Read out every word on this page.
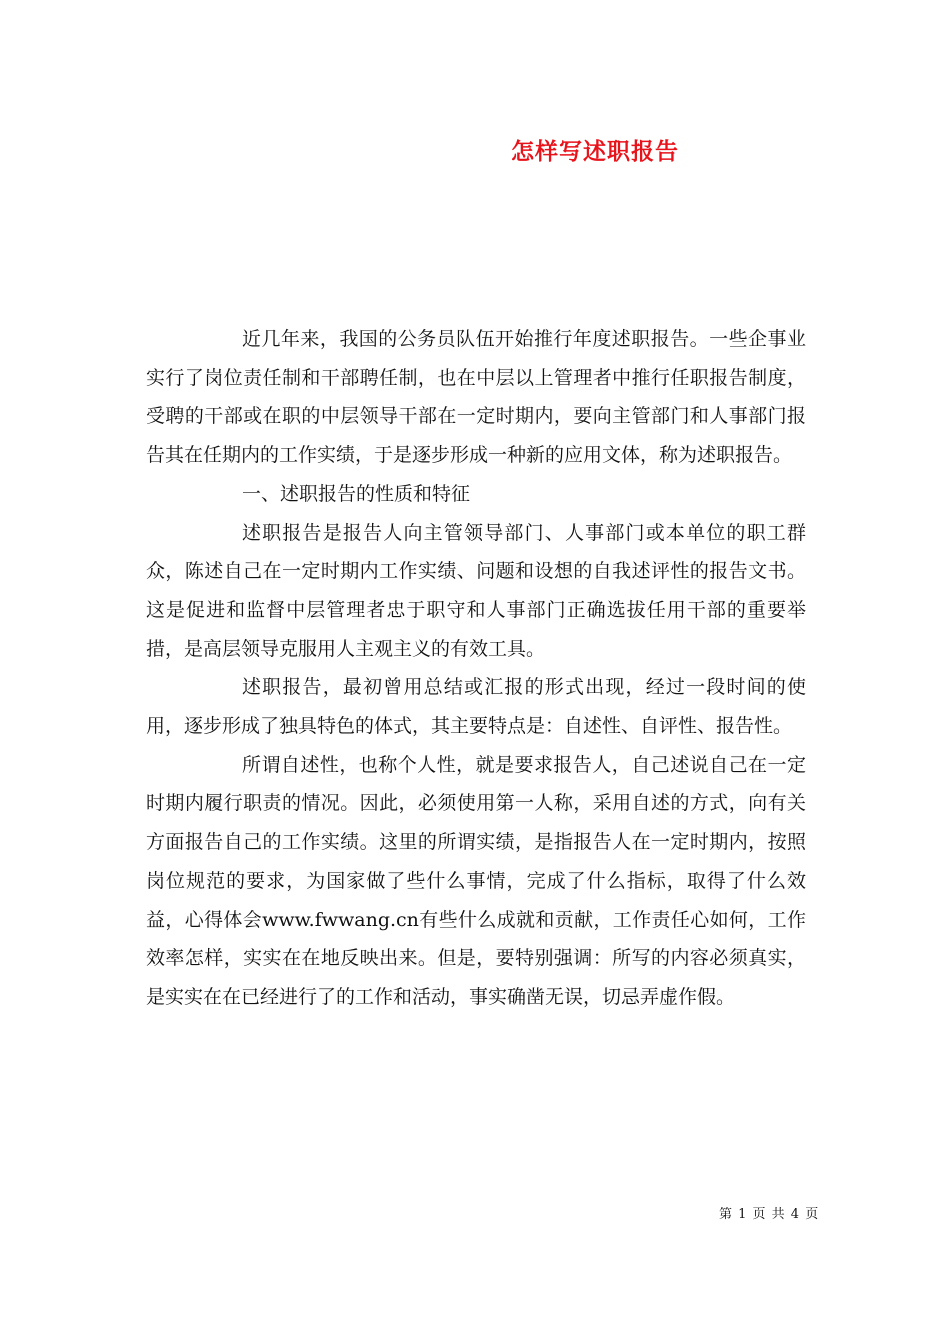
怎样写述职报告

近几年来，我国的公务员队伍开始推行年度述职报告。一些企事业实行了岗位责任制和干部聘任制，也在中层以上管理者中推行任职报告制度，受聘的干部或在职的中层领导干部在一定时期内，要向主管部门和人事部门报告其在任期内的工作实绩，于是逐步形成一种新的应用文体，称为述职报告。

一、述职报告的性质和特征

述职报告是报告人向主管领导部门、人事部门或本单位的职工群众，陈述自己在一定时期内工作实绩、问题和设想的自我述评性的报告文书。这是促进和监督中层管理者忠于职守和人事部门正确选拔任用干部的重要举措，是高层领导克服用人主观主义的有效工具。

述职报告，最初曾用总结或汇报的形式出现，经过一段时间的使用，逐步形成了独具特色的体式，其主要特点是：自述性、自评性、报告性。

所谓自述性，也称个人性，就是要求报告人，自己述说自己在一定时期内履行职责的情况。因此，必须使用第一人称，采用自述的方式，向有关方面报告自己的工作实绩。这里的所谓实绩，是指报告人在一定时期内，按照岗位规范的要求，为国家做了些什么事情，完成了什么指标，取得了什么效益，心得体会www.fwwang.cn有些什么成就和贡献，工作责任心如何，工作效率怎样，实实在在地反映出来。但是，要特别强调：所写的内容必须真实，是实实在在已经进行了的工作和活动，事实确凿无误，切忌弄虚作假。

第 1 页 共 4 页
